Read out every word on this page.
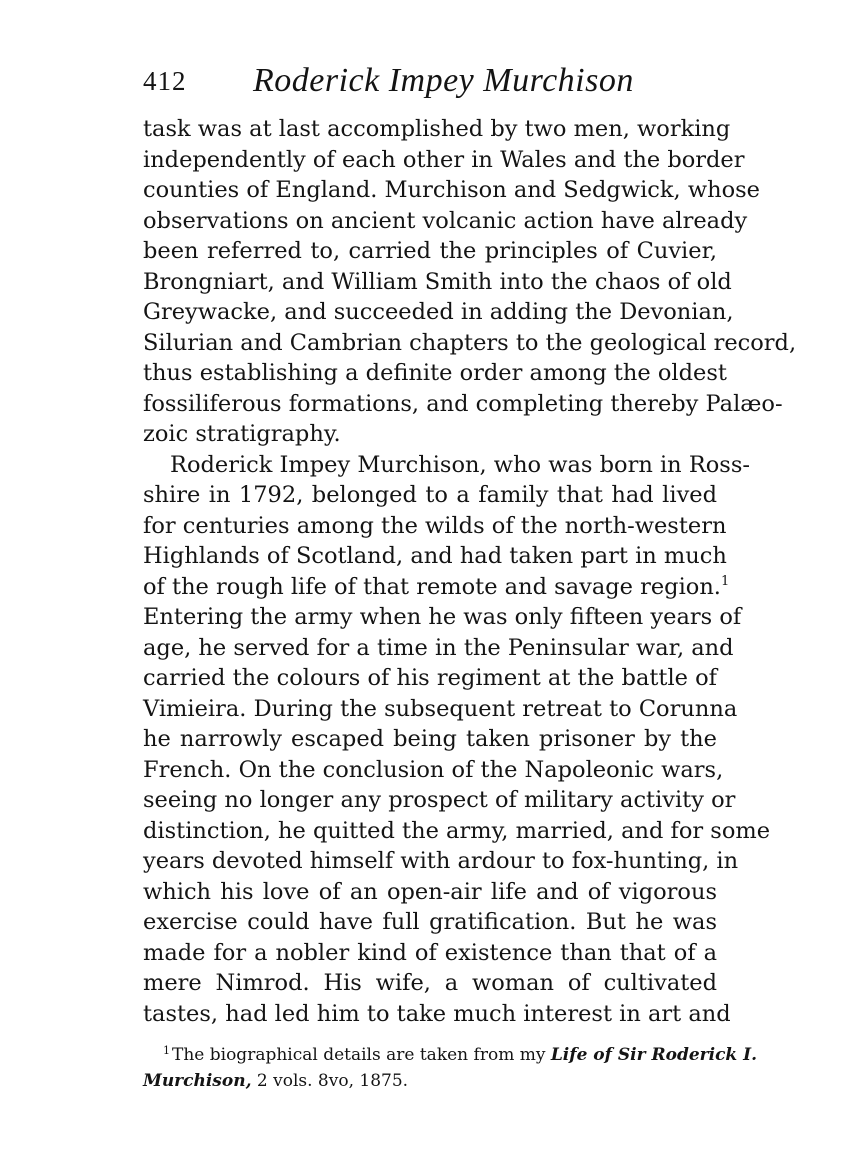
412 Roderick Impey Murchison
task was at last accomplished by two men, working
independently of each other in Wales and the border
counties of England. Murchison and Sedgwick, whose
observations on ancient volcanic action have already
been referred to, carried the principles of Cuvier,
Brongniart, and William Smith into the chaos of old
Greywacke, and succeeded in adding the Devonian,
Silurian and Cambrian chapters to the geological record,
thus establishing a definite order among the oldest
fossiliferous formations, and completing thereby Palæo-
zoic stratigraphy.
Roderick Impey Murchison, who was born in Ross-
shire in 1792, belonged to a family that had lived
for centuries among the wilds of the north-western
Highlands of Scotland, and had taken part in much
of the rough life of that remote and savage region.$^1$
Entering the army when he was only fifteen years of
age, he served for a time in the Peninsular war, and
carried the colours of his regiment at the battle of
Vimieira. During the subsequent retreat to Corunna
he narrowly escaped being taken prisoner by the
French. On the conclusion of the Napoleonic wars,
seeing no longer any prospect of military activity or
distinction, he quitted the army, married, and for some
years devoted himself with ardour to fox-hunting, in
which his love of an open-air life and of vigorous
exercise could have full gratification. But he was
made for a nobler kind of existence than that of a
mere Nimrod. His wife, a woman of cultivated
tastes, had led him to take much interest in art and
$^1$ The biographical details are taken from my Life of Sir Roderick I.
Murchison, 2 vols. 8vo, 1875.
